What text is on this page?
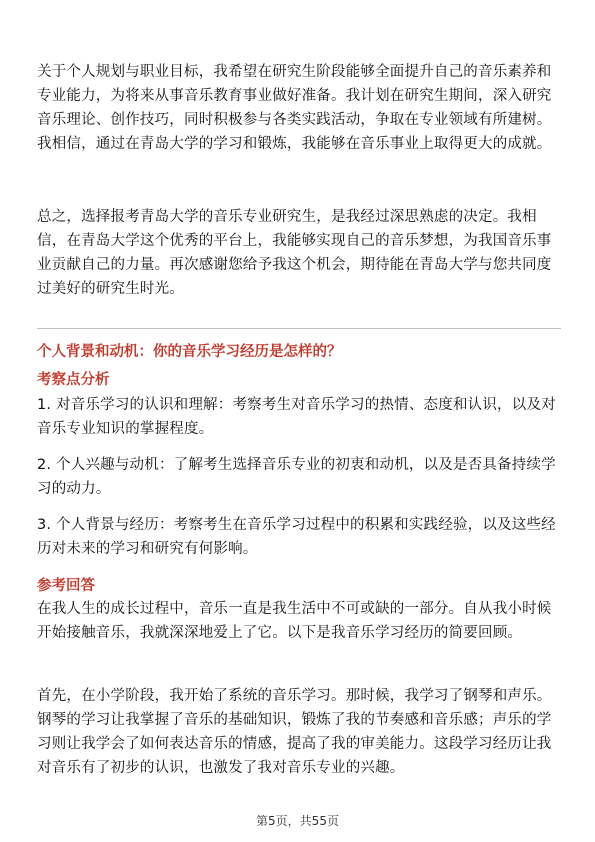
关于个人规划与职业目标，我希望在研究生阶段能够全面提升自己的音乐素养和专业能力，为将来从事音乐教育事业做好准备。我计划在研究生期间，深入研究音乐理论、创作技巧，同时积极参与各类实践活动，争取在专业领域有所建树。我相信，通过在青岛大学的学习和锻炼，我能够在音乐事业上取得更大的成就。

总之，选择报考青岛大学的音乐专业研究生，是我经过深思熟虑的决定。我相信，在青岛大学这个优秀的平台上，我能够实现自己的音乐梦想，为我国音乐事业贡献自己的力量。再次感谢您给予我这个机会，期待能在青岛大学与您共同度过美好的研究生时光。

个人背景和动机：你的音乐学习经历是怎样的？

考察点分析

1. 对音乐学习的认识和理解：考察考生对音乐学习的热情、态度和认识，以及对音乐专业知识的掌握程度。

2. 个人兴趣与动机：了解考生选择音乐专业的初衷和动机，以及是否具备持续学习的动力。

3. 个人背景与经历：考察考生在音乐学习过程中的积累和实践经验，以及这些经历对未来的学习和研究有何影响。

参考回答

在我人生的成长过程中，音乐一直是我生活中不可或缺的一部分。自从我小时候开始接触音乐，我就深深地爱上了它。以下是我音乐学习经历的简要回顾。

首先，在小学阶段，我开始了系统的音乐学习。那时候，我学习了钢琴和声乐。钢琴的学习让我掌握了音乐的基础知识，锻炼了我的节奏感和音乐感；声乐的学习则让我学会了如何表达音乐的情感，提高了我的审美能力。这段学习经历让我对音乐有了初步的认识，也激发了我对音乐专业的兴趣。

第5页，共55页
